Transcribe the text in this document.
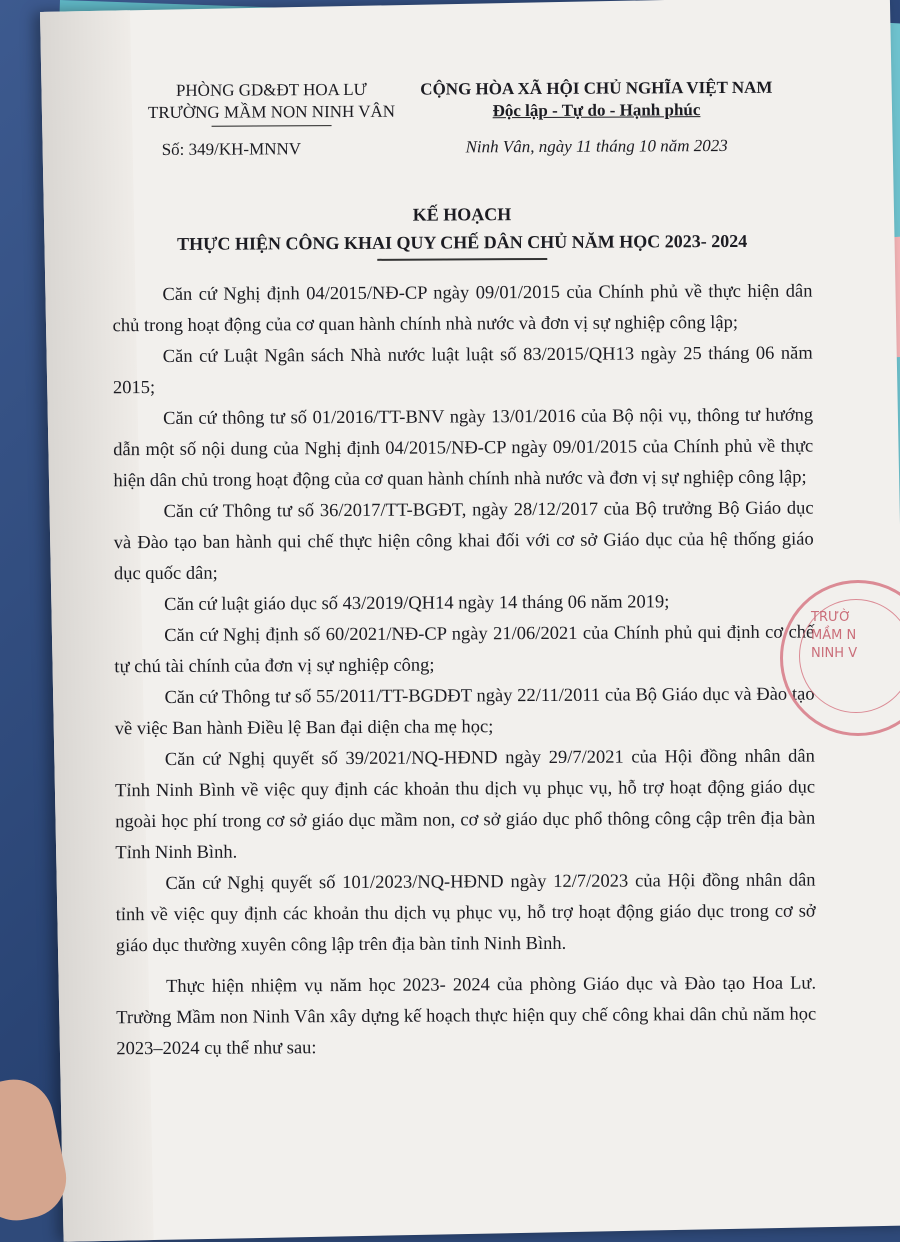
PHÒNG GD&ĐT HOA LƯ
TRƯỜNG MẦM NON NINH VÂN
Số: 349/KH-MNNV
CỘNG HÒA XÃ HỘI CHỦ NGHĨA VIỆT NAM
Độc lập - Tự do - Hạnh phúc
Ninh Vân, ngày 11 tháng 10 năm 2023
KẾ HOẠCH
THỰC HIỆN CÔNG KHAI QUY CHẾ DÂN CHỦ NĂM HỌC 2023- 2024

Căn cứ Nghị định 04/2015/NĐ-CP ngày 09/01/2015 của Chính phủ về thực hiện dân chủ trong hoạt động của cơ quan hành chính nhà nước và đơn vị sự nghiệp công lập;

Căn cứ Luật Ngân sách Nhà nước luật luật số 83/2015/QH13 ngày 25 tháng 06 năm 2015;

Căn cứ thông tư số 01/2016/TT-BNV ngày 13/01/2016 của Bộ nội vụ, thông tư hướng dẫn một số nội dung của Nghị định 04/2015/NĐ-CP ngày 09/01/2015 của Chính phủ về thực hiện dân chủ trong hoạt động của cơ quan hành chính nhà nước và đơn vị sự nghiệp công lập;

Căn cứ Thông tư số 36/2017/TT-BGĐT, ngày 28/12/2017 của Bộ trưởng Bộ Giáo dục và Đào tạo ban hành qui chế thực hiện công khai đối với cơ sở Giáo dục của hệ thống giáo dục quốc dân;

Căn cứ luật giáo dục số 43/2019/QH14 ngày 14 tháng 06 năm 2019;

Căn cứ Nghị định số 60/2021/NĐ-CP ngày 21/06/2021 của Chính phủ qui định cơ chế tự chú tài chính của đơn vị sự nghiệp công;

Căn cứ Thông tư số 55/2011/TT-BGDĐT ngày 22/11/2011 của Bộ Giáo dục và Đào tạo về việc Ban hành Điều lệ Ban đại diện cha mẹ học;

Căn cứ Nghị quyết số 39/2021/NQ-HĐND ngày 29/7/2021 của Hội đồng nhân dân Tỉnh Ninh Bình về việc quy định các khoản thu dịch vụ phục vụ, hỗ trợ hoạt động giáo dục ngoài học phí trong cơ sở giáo dục mầm non, cơ sở giáo dục phổ thông công cập trên địa bàn Tỉnh Ninh Bình.

Căn cứ Nghị quyết số 101/2023/NQ-HĐND ngày 12/7/2023 của Hội đồng nhân dân tỉnh về việc quy định các khoản thu dịch vụ phục vụ, hỗ trợ hoạt động giáo dục trong cơ sở giáo dục thường xuyên công lập trên địa bàn tỉnh Ninh Bình.

Thực hiện nhiệm vụ năm học 2023- 2024 của phòng Giáo dục và Đào tạo Hoa Lư. Trường Mầm non Ninh Vân xây dựng kế hoạch thực hiện quy chế công khai dân chủ năm học 2023–2024 cụ thể như sau:

TRƯỜ
MẦM N
NINH V
